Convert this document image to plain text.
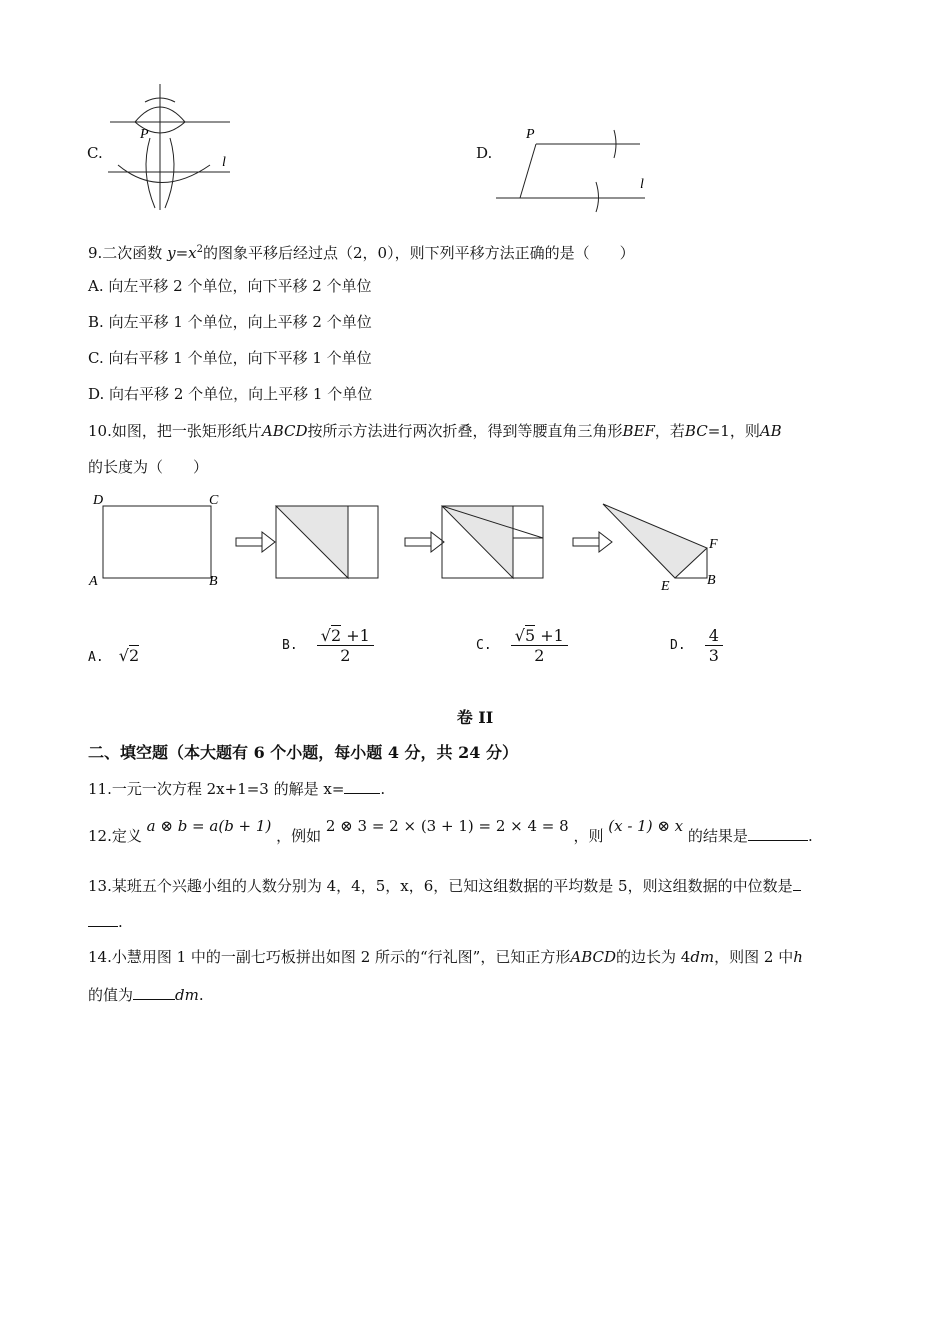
C.
P
l
D.
P
l
9.二次函数 $y=x^2$的图象平移后经过点（2，0），则下列平移方法正确的是（　　）
A. 向左平移 2 个单位，向下平移 2 个单位
B. 向左平移 1 个单位，向上平移 2 个单位
C. 向右平移 1 个单位，向下平移 1 个单位
D. 向右平移 2 个单位，向上平移 1 个单位
10.如图，把一张矩形纸片ABCD按所示方法进行两次折叠，得到等腰直角三角形BEF，若BC=1，则AB
的长度为（　　）
D	C
A	B
F
B
E
A. √2
B. $\frac{√2 +1}{2}$	C. $\frac{√5 +1}{2}$	D. $\frac{4}{3}$
卷 II
二、填空题（本大题有 6 个小题，每小题 4 分，共 24 分）
11.一元一次方程 2x+1=3 的解是 x= .
12.定义 a ⊗ b = a(b + 1) ，例如 2 ⊗ 3 = 2 × (3 + 1) = 2 × 4 = 8 ，则 (x - 1) ⊗ x 的结果是	.
13.某班五个兴趣小组的人数分别为 4，4，5，x，6，已知这组数据的平均数是 5，则这组数据的中位数是
.
14.小慧用图 1 中的一副七巧板拼出如图 2 所示的“行礼图”，已知正方形ABCD的边长为 4dm，则图 2 中h
的值为	dm.
